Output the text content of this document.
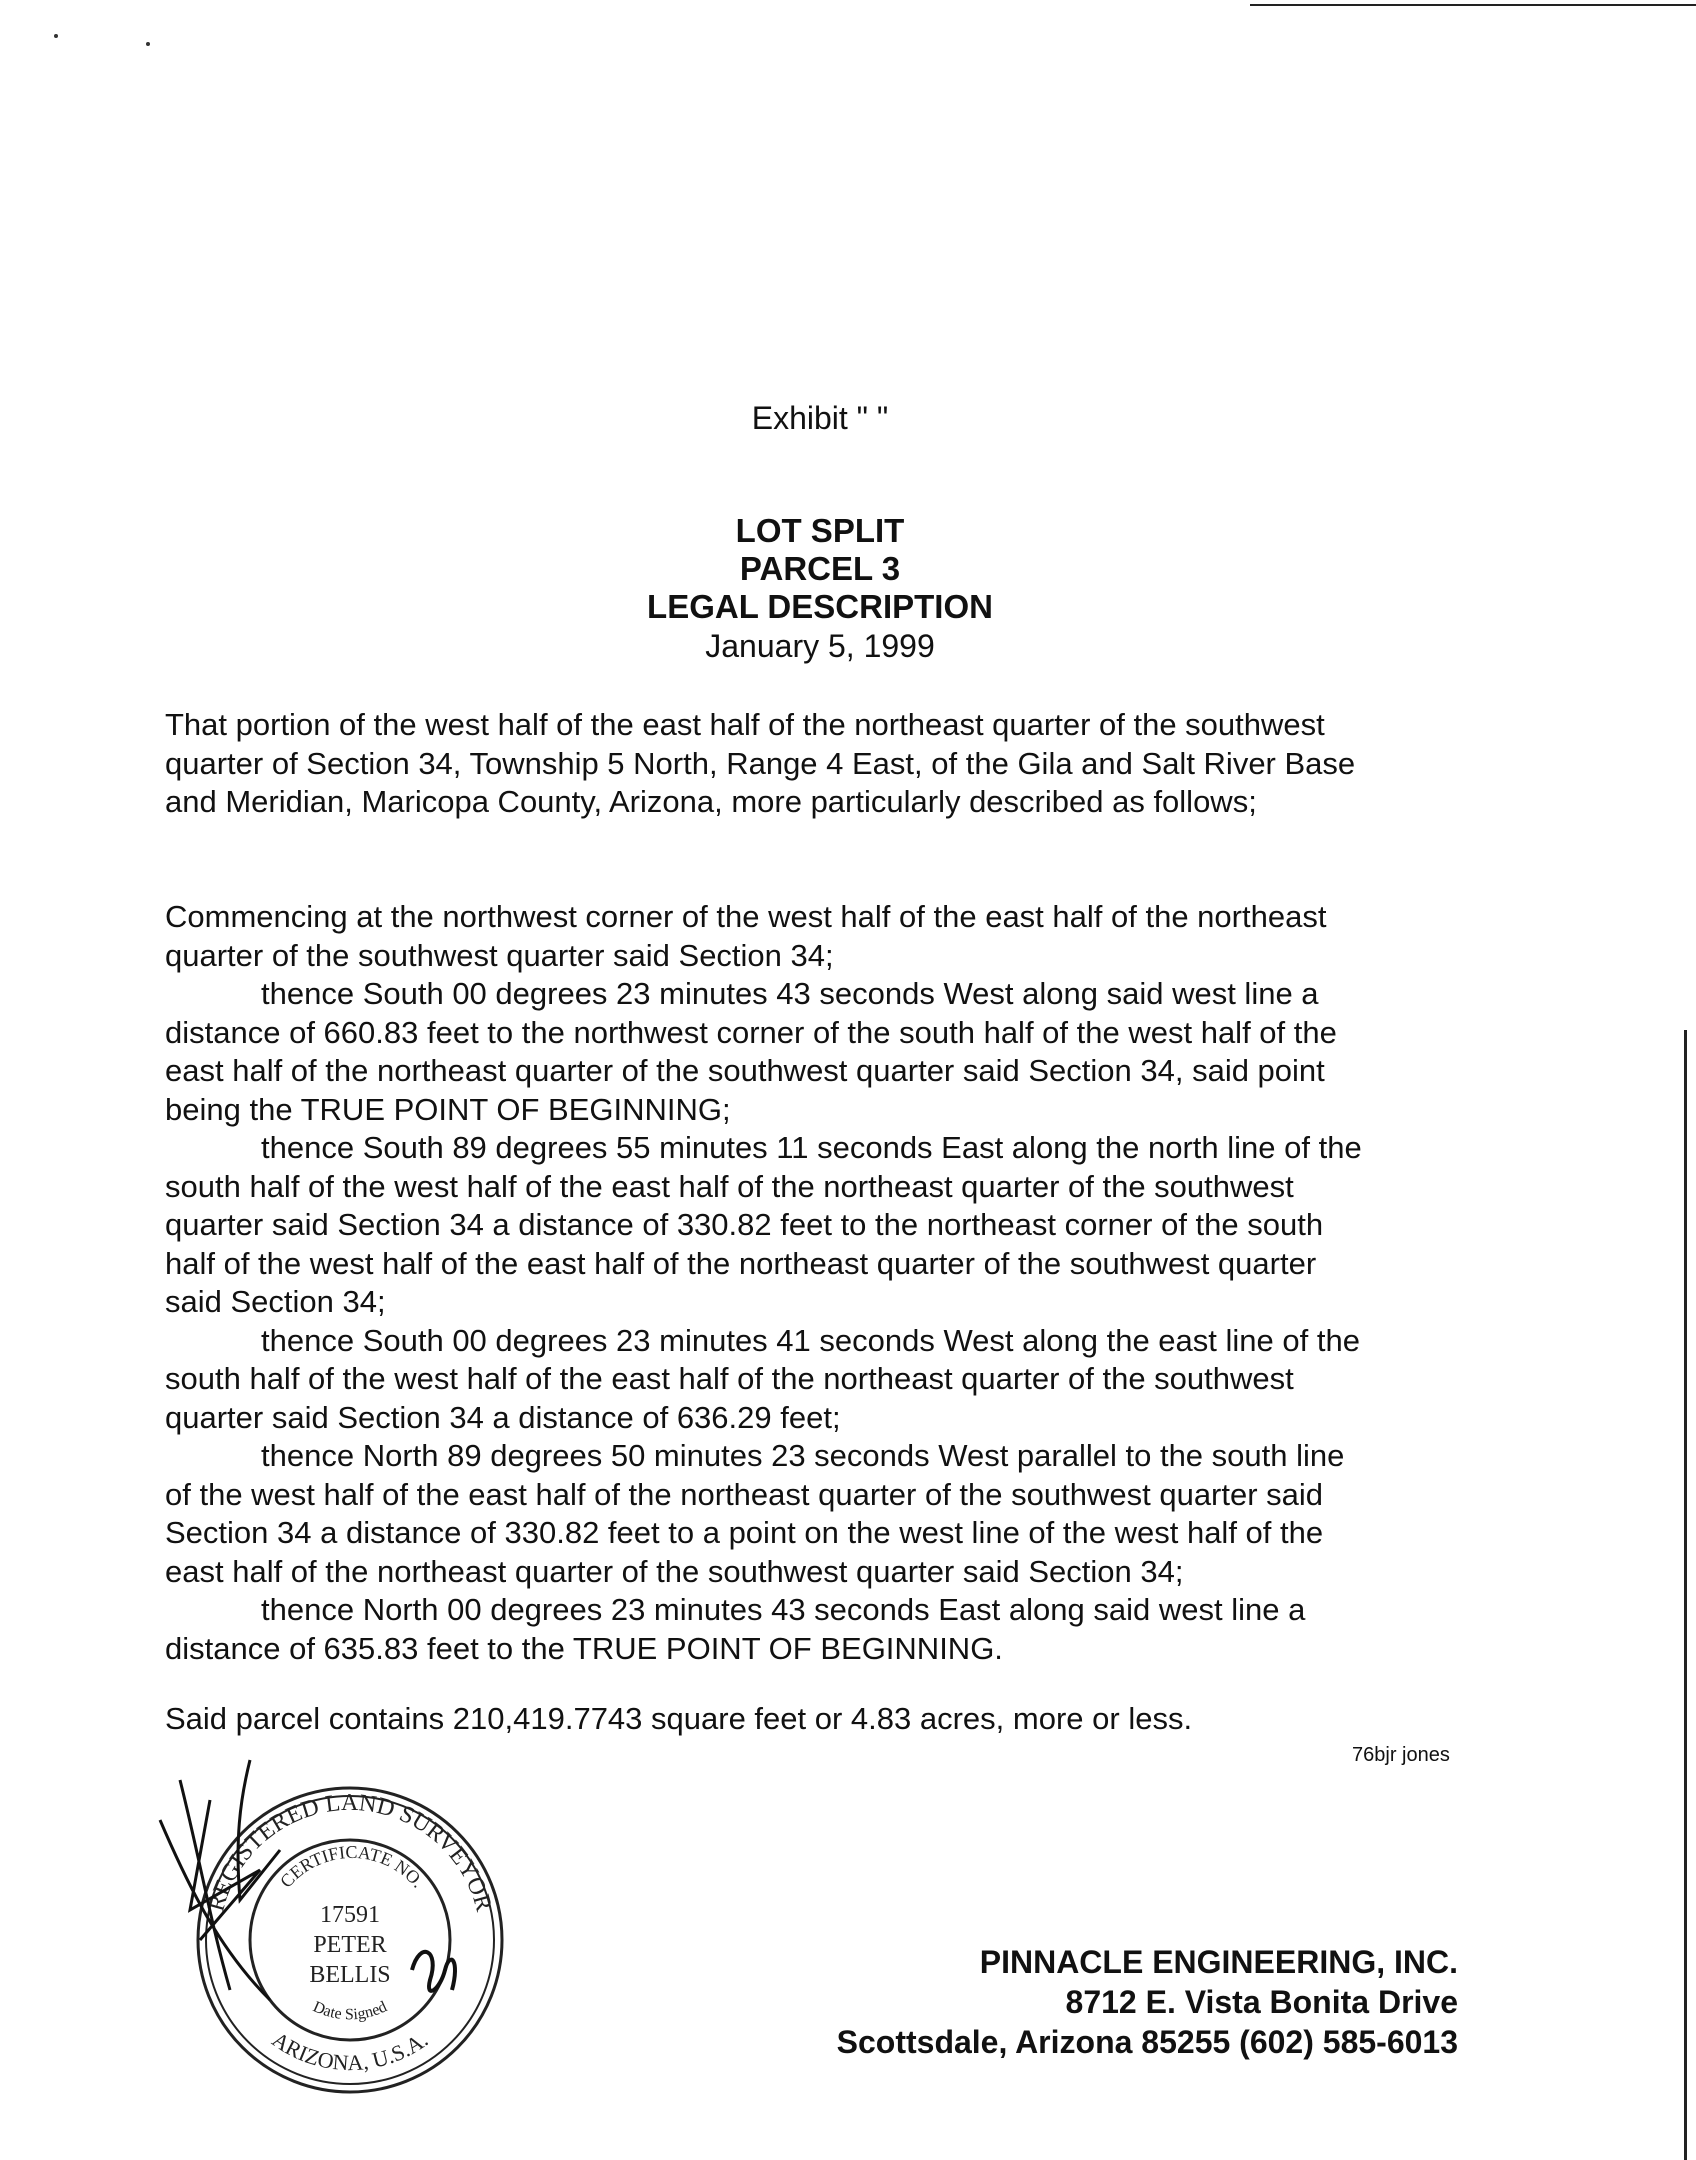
Exhibit " "
LOT SPLIT
PARCEL 3
LEGAL DESCRIPTION
January 5, 1999

That portion of the west half of the east half of the northeast quarter of the southwest
quarter of Section 34, Township 5 North, Range 4 East, of the Gila and Salt River Base
and Meridian, Maricopa County, Arizona, more particularly described as follows;

Commencing at the northwest corner of the west half of the east half of the northeast
quarter of the southwest quarter said Section 34;
thence South 00 degrees 23 minutes 43 seconds West along said west line a
distance of 660.83 feet to the northwest corner of the south half of the west half of the
east half of the northeast quarter of the southwest quarter said Section 34, said point
being the TRUE POINT OF BEGINNING;
thence South 89 degrees 55 minutes 11 seconds East along the north line of the
south half of the west half of the east half of the northeast quarter of the southwest
quarter said Section 34 a distance of 330.82 feet to the northeast corner of the south
half of the west half of the east half of the northeast quarter of the southwest quarter
said Section 34;
thence South 00 degrees 23 minutes 41 seconds West along the east line of the
south half of the west half of the east half of the northeast quarter of the southwest
quarter said Section 34 a distance of 636.29 feet;
thence North 89 degrees 50 minutes 23 seconds West parallel to the south line
of the west half of the east half of the northeast quarter of the southwest quarter said
Section 34 a distance of 330.82 feet to a point on the west line of the west half of the
east half of the northeast quarter of the southwest quarter said Section 34;
thence North 00 degrees 23 minutes 43 seconds East along said west line a
distance of 635.83 feet to the TRUE POINT OF BEGINNING.

Said parcel contains 210,419.7743 square feet or 4.83 acres, more or less.

76bjr jones
REGISTERED LAND SURVEYOR
ARIZONA, U.S.A.
CERTIFICATE NO.
Date Signed
17591
PETER
BELLIS	PINNACLE ENGINEERING, INC.
8712 E. Vista Bonita Drive
Scottsdale, Arizona 85255 (602) 585-6013
